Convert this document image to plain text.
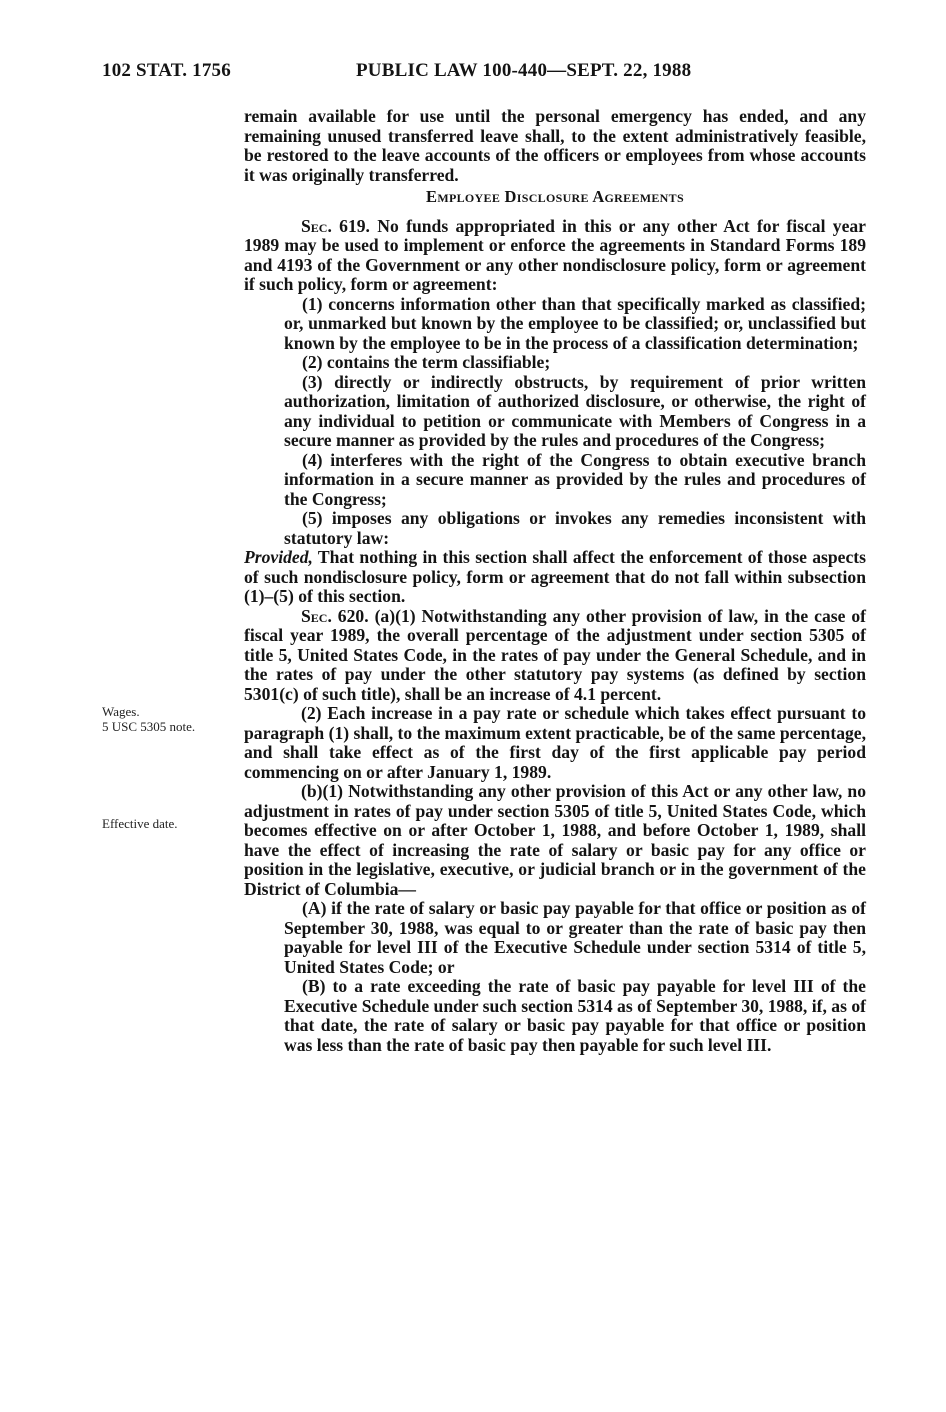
102 STAT. 1756	PUBLIC LAW 100-440—SEPT. 22, 1988
Wages.
5 USC 5305 note.
Effective date.

remain available for use until the personal emergency has ended, and any remaining unused transferred leave shall, to the extent administratively feasible, be restored to the leave accounts of the officers or employees from whose accounts it was originally transferred.

Employee Disclosure Agreements

Sec. 619. No funds appropriated in this or any other Act for fiscal year 1989 may be used to implement or enforce the agreements in Standard Forms 189 and 4193 of the Government or any other nondisclosure policy, form or agreement if such policy, form or agreement:

(1) concerns information other than that specifically marked as classified; or, unmarked but known by the employee to be classified; or, unclassified but known by the employee to be in the process of a classification determination;

(2) contains the term classifiable;

(3) directly or indirectly obstructs, by requirement of prior written authorization, limitation of authorized disclosure, or otherwise, the right of any individual to petition or communicate with Members of Congress in a secure manner as provided by the rules and procedures of the Congress;

(4) interferes with the right of the Congress to obtain executive branch information in a secure manner as provided by the rules and procedures of the Congress;

(5) imposes any obligations or invokes any remedies inconsistent with statutory law:

Provided, That nothing in this section shall affect the enforcement of those aspects of such nondisclosure policy, form or agreement that do not fall within subsection (1)–(5) of this section.

Sec. 620. (a)(1) Notwithstanding any other provision of law, in the case of fiscal year 1989, the overall percentage of the adjustment under section 5305 of title 5, United States Code, in the rates of pay under the General Schedule, and in the rates of pay under the other statutory pay systems (as defined by section 5301(c) of such title), shall be an increase of 4.1 percent.

(2) Each increase in a pay rate or schedule which takes effect pursuant to paragraph (1) shall, to the maximum extent practicable, be of the same percentage, and shall take effect as of the first day of the first applicable pay period commencing on or after January 1, 1989.

(b)(1) Notwithstanding any other provision of this Act or any other law, no adjustment in rates of pay under section 5305 of title 5, United States Code, which becomes effective on or after October 1, 1988, and before October 1, 1989, shall have the effect of increasing the rate of salary or basic pay for any office or position in the legislative, executive, or judicial branch or in the government of the District of Columbia—

(A) if the rate of salary or basic pay payable for that office or position as of September 30, 1988, was equal to or greater than the rate of basic pay then payable for level III of the Executive Schedule under section 5314 of title 5, United States Code; or

(B) to a rate exceeding the rate of basic pay payable for level III of the Executive Schedule under such section 5314 as of September 30, 1988, if, as of that date, the rate of salary or basic pay payable for that office or position was less than the rate of basic pay then payable for such level III.
